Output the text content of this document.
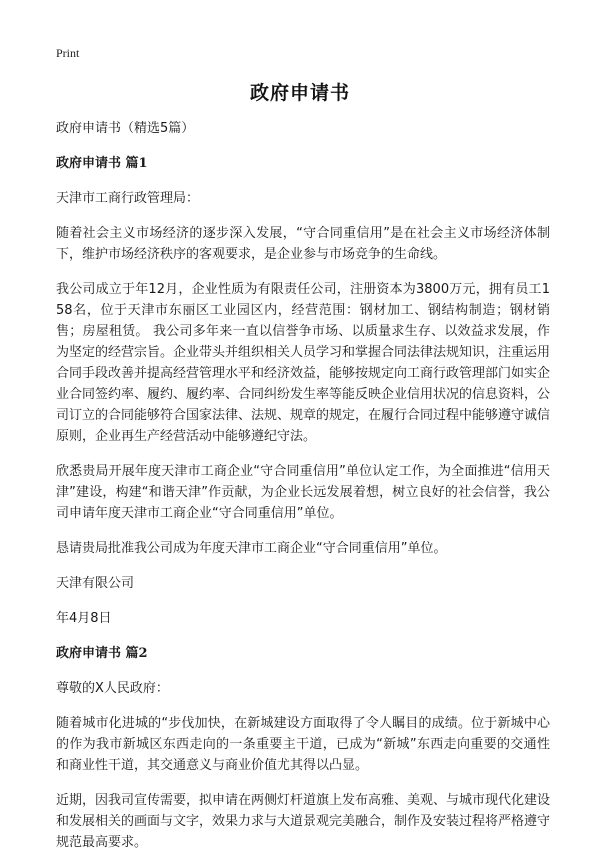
Print
政府申请书

政府申请书（精选5篇）

政府申请书 篇1

天津市工商行政管理局：

随着社会主义市场经济的逐步深入发展，“守合同重信用”是在社会主义市场经济体制下，维护市场经济秩序的客观要求，是企业参与市场竞争的生命线。

我公司成立于年12月，企业性质为有限责任公司，注册资本为3800万元，拥有员工158名，位于天津市东丽区工业园区内，经营范围：钢材加工、钢结构制造；钢材销售；房屋租赁。 我公司多年来一直以信誉争市场、以质量求生存、以效益求发展，作为坚定的经营宗旨。企业带头并组织相关人员学习和掌握合同法律法规知识，注重运用合同手段改善并提高经营管理水平和经济效益，能够按规定向工商行政管理部门如实企业合同签约率、履约、履约率、合同纠纷发生率等能反映企业信用状况的信息资料，公司订立的合同能够符合国家法律、法规、规章的规定，在履行合同过程中能够遵守诚信原则，企业再生产经营活动中能够遵纪守法。

欣悉贵局开展年度天津市工商企业“守合同重信用”单位认定工作，为全面推进“信用天津”建设，构建“和谐天津”作贡献，为企业长远发展着想，树立良好的社会信誉，我公司申请年度天津市工商企业“守合同重信用”单位。

恳请贵局批准我公司成为年度天津市工商企业“守合同重信用”单位。

天津有限公司

年4月8日

政府申请书 篇2

尊敬的X人民政府：

随着城市化进城的“步伐加快，在新城建设方面取得了令人瞩目的成绩。位于新城中心的作为我市新城区东西走向的一条重要主干道，已成为“新城”东西走向重要的交通性和商业性干道，其交通意义与商业价值尤其得以凸显。

近期，因我司宣传需要，拟申请在两侧灯杆道旗上发布高雅、美观、与城市现代化建设和发展相关的画面与文字，效果力求与大道景观完美融合，制作及安装过程将严格遵守规范最高要求。
